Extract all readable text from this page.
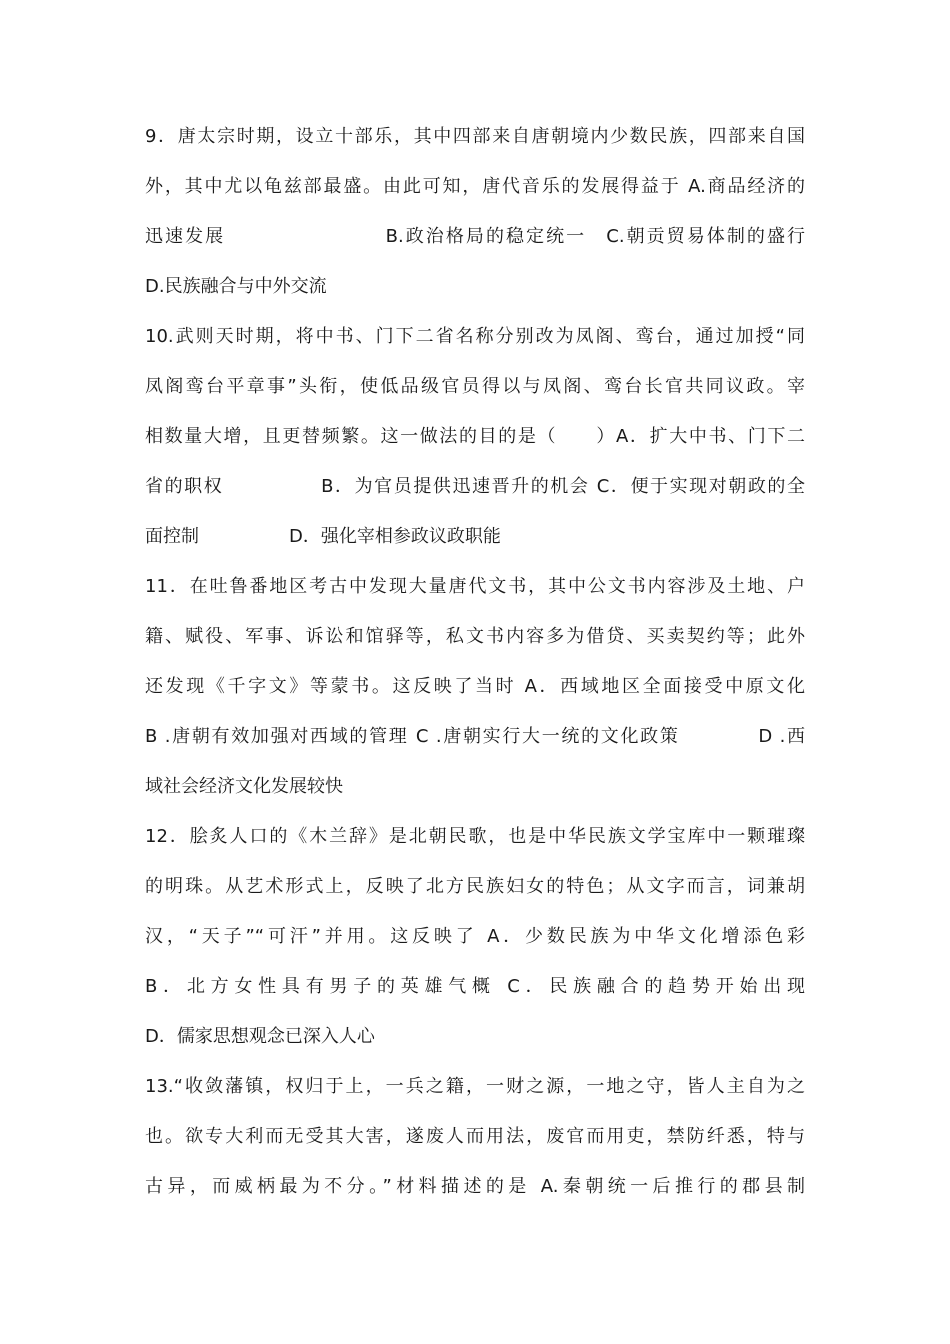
9．唐太宗时期，设立十部乐，其中四部来自唐朝境内少数民族，四部来自国
外，其中尤以龟兹部最盛。由此可知，唐代音乐的发展得益于 A.商品经济的
迅速发展　　　　　　　　B.政治格局的稳定统一　C.朝贡贸易体制的盛行
D.民族融合与中外交流
10.武则天时期，将中书、门下二省名称分别改为凤阁、鸾台，通过加授“同
凤阁鸾台平章事”头衔，使低品级官员得以与凤阁、鸾台长官共同议政。宰
相数量大增，且更替频繁。这一做法的目的是（　　）A．扩大中书、门下二
省的职权　　　　　B．为官员提供迅速晋升的机会 C．便于实现对朝政的全
面控制　　　　　D．强化宰相参政议政职能
11．在吐鲁番地区考古中发现大量唐代文书，其中公文书内容涉及土地、户
籍、赋役、军事、诉讼和馆驿等，私文书内容多为借贷、买卖契约等；此外
还发现《千字文》等蒙书。这反映了当时 A．西域地区全面接受中原文化
B .唐朝有效加强对西域的管理 C .唐朝实行大一统的文化政策　　　　D .西
域社会经济文化发展较快
12．脍炙人口的《木兰辞》是北朝民歌，也是中华民族文学宝库中一颗璀璨
的明珠。从艺术形式上，反映了北方民族妇女的特色；从文字而言，词兼胡
汉，“天子”“可汗”并用。这反映了 A．少数民族为中华文化增添色彩
B．北方女性具有男子的英雄气概 C．民族融合的趋势开始出现
D．儒家思想观念已深入人心
13.“收敛藩镇，权归于上，一兵之籍，一财之源，一地之守，皆人主自为之
也。欲专大利而无受其大害，遂废人而用法，废官而用吏，禁防纤悉，特与
古异，而威柄最为不分。”材料描述的是 A.秦朝统一后推行的郡县制
